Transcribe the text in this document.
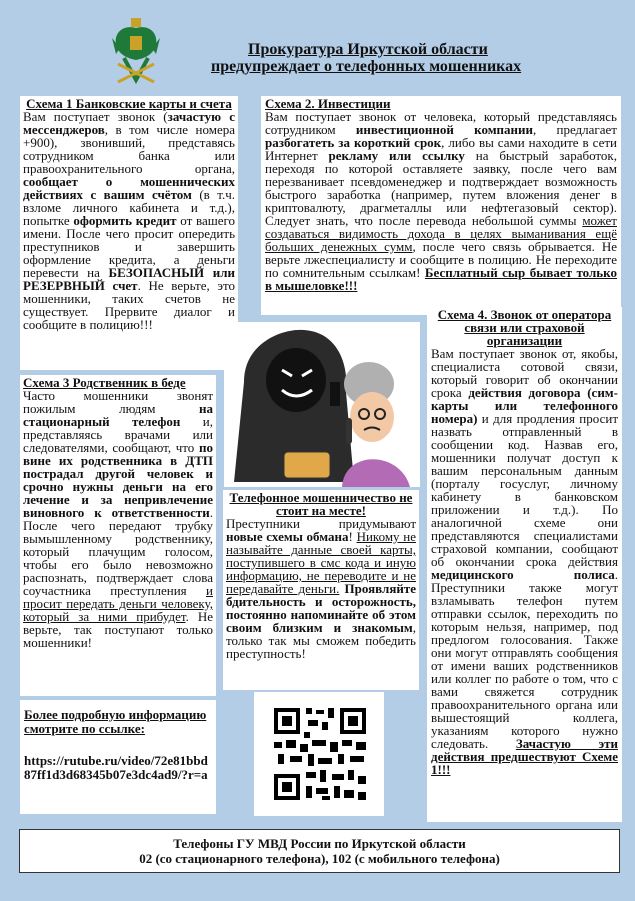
Прокуратура Иркутской области
предупреждает о телефонных мошенниках
Схема 1 Банковские карты и счета
Вам поступает звонок (зачастую с мессенджеров, в том числе номера +900), звонивший, представясь сотрудником банка или правоохранительного органа, сообщает о мошеннических действиях с вашим счётом (в т.ч. взломе личного кабинета и т.д.), попытке оформить кредит от вашего имени. После чего просит опередить преступников и завершить оформление кредита, а деньги перевести на БЕЗОПАСНЫЙ или РЕЗЕРВНЫЙ счет. Не верьте, это мошенники, таких счетов не существует. Прервите диалог и сообщите в полицию!!!
Схема 2. Инвестиции
Вам поступает звонок от человека, который представляясь сотрудником инвестиционной компании, предлагает разбогатеть за короткий срок, либо вы сами находите в сети Интернет рекламу или ссылку на быстрый заработок, переходя по которой оставляете заявку, после чего вам перезванивает псевдоменеджер и подтверждает возможность быстрого заработка (например, путем вложения денег в криптовалюту, драгметаллы или нефтегазовый сектор). Следует знать, что после перевода небольшой суммы может создаваться видимость дохода в целях выманивания ещё больших денежных сумм, после чего связь обрывается. Не верьте лжеспециалисту и сообщите в полицию. Не переходите по сомнительным ссылкам! Бесплатный сыр бывает только в мышеловке!!!
Схема 3 Родственник в беде
Часто мошенники звонят пожилым людям на стационарный телефон и, представляясь врачами или следователями, сообщают, что по вине их родственника в ДТП пострадал другой человек и срочно нужны деньги на его лечение и за непривлечение виновного к ответственности. После чего передают трубку вымышленному родственнику, который плачущим голосом, чтобы его было невозможно распознать, подтверждает слова соучастника преступления и просит передать деньги человеку, который за ними прибудет. Не верьте, так поступают только мошенники!
Схема 4. Звонок от оператора связи или страховой организации
Вам поступает звонок от, якобы, специалиста сотовой связи, который говорит об окончании срока действия договора (сим-карты или телефонного номера) и для продления просит назвать отправленный в сообщении код. Назвав его, мошенники получат доступ к вашим персональным данным (порталу госуслуг, личному кабинету в банковском приложении и т.д.). По аналогичной схеме они представляются специалистами страховой компании, сообщают об окончании срока действия медицинского полиса. Преступники также могут взламывать телефон путем отправки ссылок, переходить по которым нельзя, например, под предлогом голосования. Также они могут отправлять сообщения от имени ваших родственников или коллег по работе о том, что с вами свяжется сотрудник правоохранительного органа или вышестоящий коллега, указаниям которого нужно следовать. Зачастую эти действия предшествуют Схеме 1!!!
Телефонное мошенничество не стоит на месте!
Преступники придумывают новые схемы обмана! Никому не называйте данные своей карты, поступившего в смс кода и иную информацию, не переводите и не передавайте деньги. Проявляйте бдительность и осторожность, постоянно напоминайте об этом своим близким и знакомым, только так мы сможем победить преступность!
Более подробную информацию смотрите по ссылке:
https://rutube.ru/video/72e81bbd87ff1d3d68345b07e3dc4ad9/?r=a
Телефоны ГУ МВД России по Иркутской области
02 (со стационарного телефона), 102 (с мобильного телефона)
